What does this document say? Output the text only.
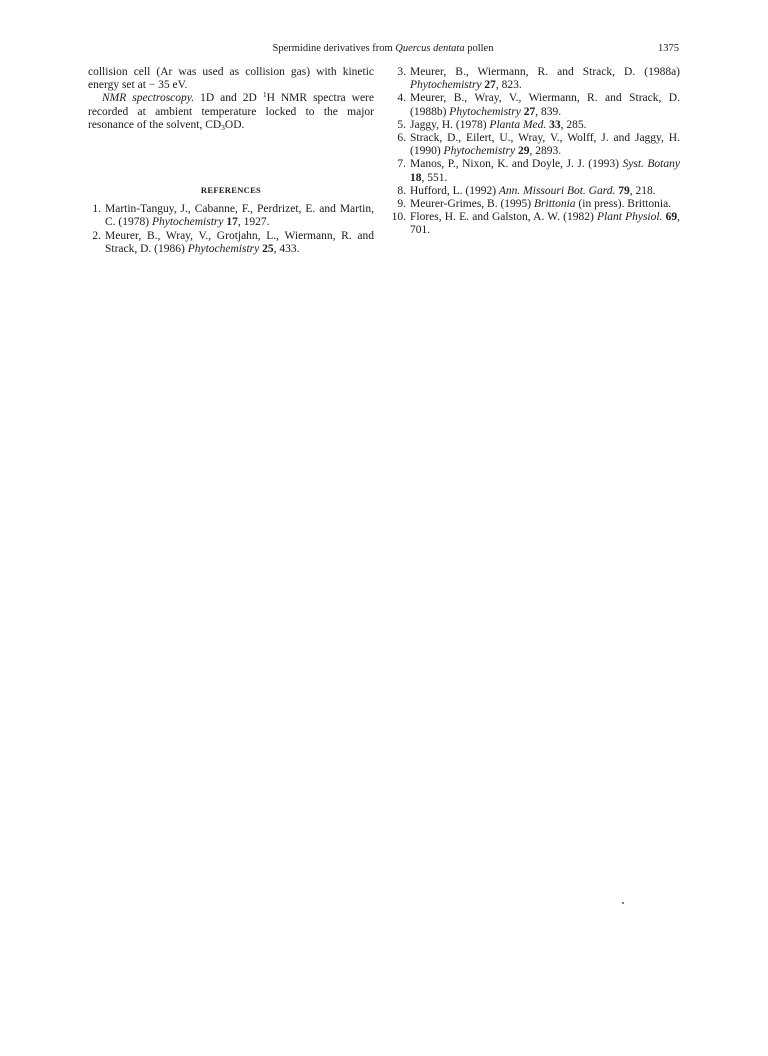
Spermidine derivatives from Quercus dentata pollen	1375

collision cell (Ar was used as collision gas) with kinetic
energy set at − 35 eV.

NMR spectroscopy. 1D and 2D $^1$H NMR spectra were recorded at ambient temperature locked to the major resonance of the solvent, $CD_3OD$.

REFERENCES
1. Martin-Tanguy, J., Cabanne, F., Perdrizet, E. and Martin, C. (1978) Phytochemistry 17, 1927.
2. Meurer, B., Wray, V., Grotjahn, L., Wiermann, R. and Strack, D. (1986) Phytochemistry 25, 433.
3. Meurer, B., Wiermann, R. and Strack, D. (1988a) Phytochemistry 27, 823.
4. Meurer, B., Wray, V., Wiermann, R. and Strack, D. (1988b) Phytochemistry 27, 839.
5. Jaggy, H. (1978) Planta Med. 33, 285.
6. Strack, D., Eilert, U., Wray, V., Wolff, J. and Jaggy, H. (1990) Phytochemistry 29, 2893.
7. Manos, P., Nixon, K. and Doyle, J. J. (1993) Syst. Botany 18, 551.
8. Hufford, L. (1992) Ann. Missouri Bot. Gard. 79, 218.
9. Meurer-Grimes, B. (1995) Brittonia (in press). Brittonia.
10. Flores, H. E. and Galston, A. W. (1982) Plant Physiol. 69, 701.
